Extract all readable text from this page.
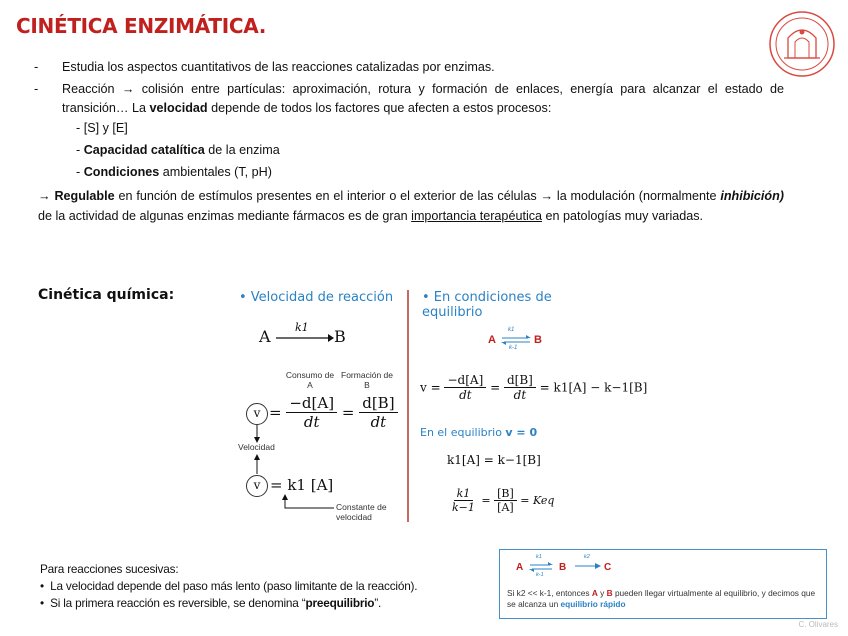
CINÉTICA ENZIMÁTICA.
- Estudia los aspectos cuantitativos de las reacciones catalizadas por enzimas.
- Reacción → colisión entre partículas: aproximación, rotura y formación de enlaces, energía para alcanzar el estado de transición… La velocidad depende de todos los factores que afecten a estos procesos:
- [S] y [E]
- Capacidad catalítica de la enzima
- Condiciones ambientales (T, pH)
→ Regulable en función de estímulos presentes en el interior o el exterior de las células → la modulación (normalmente inhibición) de la actividad de algunas enzimas mediante fármacos es de gran importancia terapéutica en patologías muy variadas.
Cinética química:	• Velocidad de reacción
A	B
k1
Consumo de A
Formación de B
$v = \frac{-d[A]}{dt} = \frac{d[B]}{dt}$
Velocidad
v = k1 [A]
Constante de velocidad
• En condiciones de equilibrio
A	B
k1
k-1
$v = \frac{-d[A]}{dt} = \frac{d[B]}{dt} = k1[A] - k-1[B]$
En el equilibrio v = 0
k1[A] = k−1[B]
$\frac{k1}{k-1} = \frac{[B]}{[A]}$ = Keq
Para reacciones sucesivas:
• La velocidad depende del paso más lento (paso limitante de la reacción).
• Si la primera reacción es reversible, se denomina “preequilibrio”.
A ⇌
k1
k-1
B →
k2
C
Si k2 << k-1, entonces A y B pueden llegar virtualmente al equilibrio, y decimos que se alcanza un equilibrio rápido
C. Olivares
